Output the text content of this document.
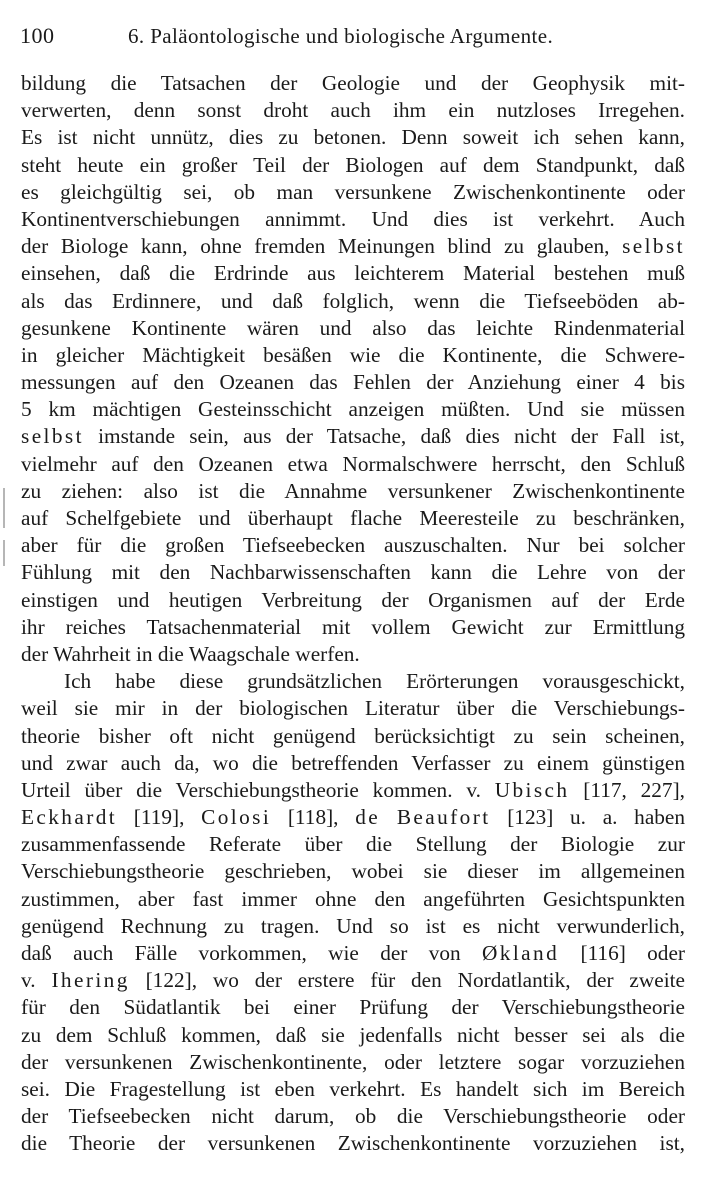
100	6. Paläontologische und biologische Argumente.
bildung die Tatsachen der Geologie und der Geophysik mit-
verwerten, denn sonst droht auch ihm ein nutzloses Irregehen.
Es ist nicht unnütz, dies zu betonen. Denn soweit ich sehen kann,
steht heute ein großer Teil der Biologen auf dem Standpunkt, daß
es gleichgültig sei, ob man versunkene Zwischenkontinente oder
Kontinentverschiebungen annimmt. Und dies ist verkehrt. Auch
der Biologe kann, ohne fremden Meinungen blind zu glauben, selbst
einsehen, daß die Erdrinde aus leichterem Material bestehen muß
als das Erdinnere, und daß folglich, wenn die Tiefseeböden ab-
gesunkene Kontinente wären und also das leichte Rindenmaterial
in gleicher Mächtigkeit besäßen wie die Kontinente, die Schwere-
messungen auf den Ozeanen das Fehlen der Anziehung einer 4 bis
5 km mächtigen Gesteinsschicht anzeigen müßten. Und sie müssen
selbst imstande sein, aus der Tatsache, daß dies nicht der Fall ist,
vielmehr auf den Ozeanen etwa Normalschwere herrscht, den Schluß
zu ziehen: also ist die Annahme versunkener Zwischenkontinente
auf Schelfgebiete und überhaupt flache Meeresteile zu beschränken,
aber für die großen Tiefseebecken auszuschalten. Nur bei solcher
Fühlung mit den Nachbarwissenschaften kann die Lehre von der
einstigen und heutigen Verbreitung der Organismen auf der Erde
ihr reiches Tatsachenmaterial mit vollem Gewicht zur Ermittlung
der Wahrheit in die Waagschale werfen.
Ich habe diese grundsätzlichen Erörterungen vorausgeschickt,
weil sie mir in der biologischen Literatur über die Verschiebungs-
theorie bisher oft nicht genügend berücksichtigt zu sein scheinen,
und zwar auch da, wo die betreffenden Verfasser zu einem günstigen
Urteil über die Verschiebungstheorie kommen. v. Ubisch [117, 227],
Eckhardt [119], Colosi [118], de Beaufort [123] u. a. haben
zusammenfassende Referate über die Stellung der Biologie zur
Verschiebungstheorie geschrieben, wobei sie dieser im allgemeinen
zustimmen, aber fast immer ohne den angeführten Gesichtspunkten
genügend Rechnung zu tragen. Und so ist es nicht verwunderlich,
daß auch Fälle vorkommen, wie der von Økland [116] oder
v. Ihering [122], wo der erstere für den Nordatlantik, der zweite
für den Südatlantik bei einer Prüfung der Verschiebungstheorie
zu dem Schluß kommen, daß sie jedenfalls nicht besser sei als die
der versunkenen Zwischenkontinente, oder letztere sogar vorzuziehen
sei. Die Fragestellung ist eben verkehrt. Es handelt sich im Bereich
der Tiefseebecken nicht darum, ob die Verschiebungstheorie oder
die Theorie der versunkenen Zwischenkontinente vorzuziehen ist,
